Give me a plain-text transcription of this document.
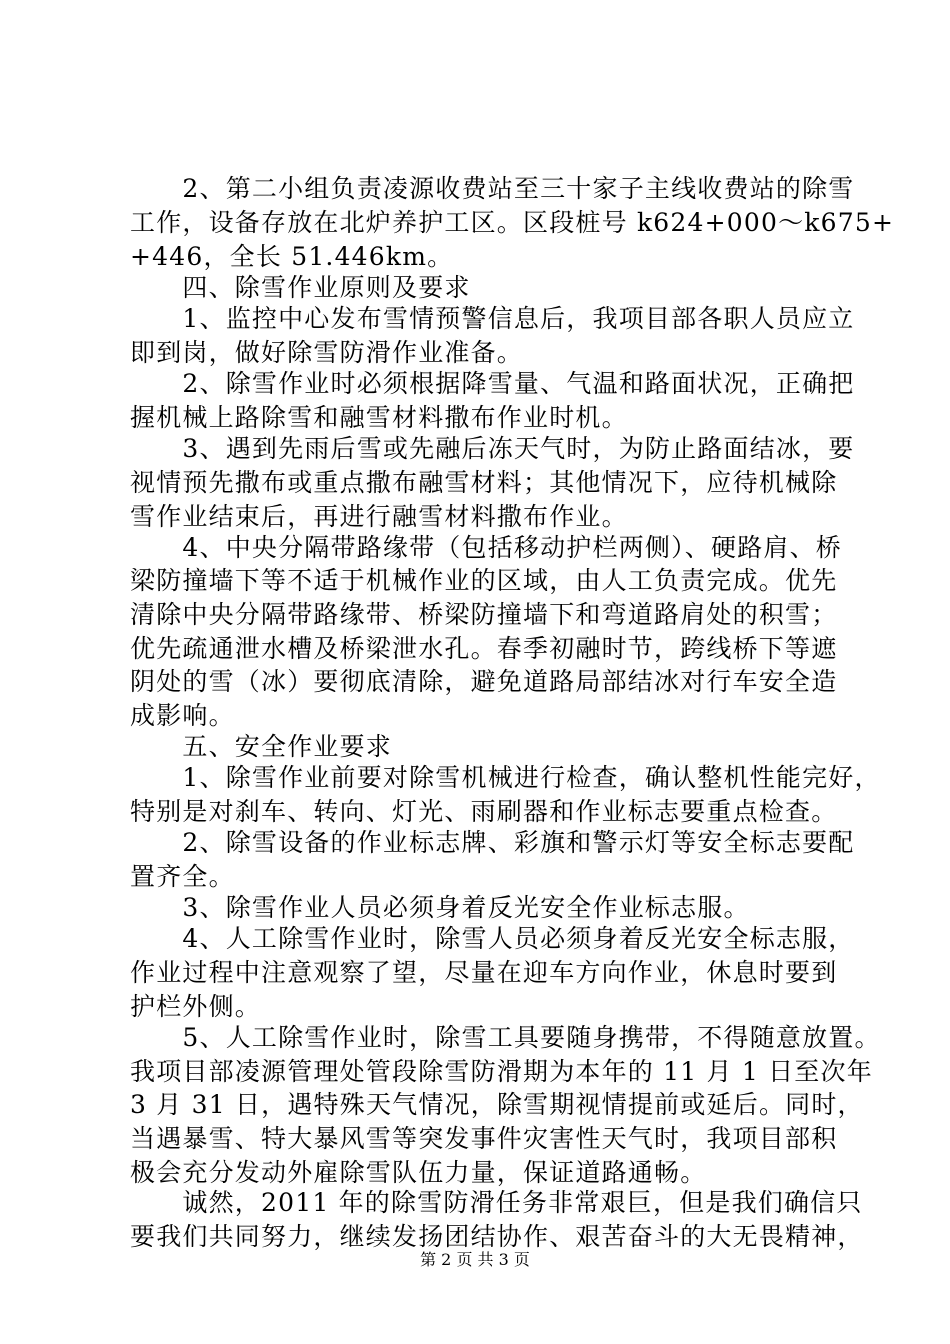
　　2、第二小组负责凌源收费站至三十家子主线收费站的除雪
工作，设备存放在北炉养护工区。区段桩号 k624+000～k675+
+446，全长 51.446km。
　　四、除雪作业原则及要求
　　1、监控中心发布雪情预警信息后，我项目部各职人员应立
即到岗，做好除雪防滑作业准备。
　　2、除雪作业时必须根据降雪量、气温和路面状况，正确把
握机械上路除雪和融雪材料撒布作业时机。
　　3、遇到先雨后雪或先融后冻天气时，为防止路面结冰，要
视情预先撒布或重点撒布融雪材料；其他情况下，应待机械除
雪作业结束后，再进行融雪材料撒布作业。
　　4、中央分隔带路缘带（包括移动护栏两侧）、硬路肩、桥
梁防撞墙下等不适于机械作业的区域，由人工负责完成。优先
清除中央分隔带路缘带、桥梁防撞墙下和弯道路肩处的积雪；
优先疏通泄水槽及桥梁泄水孔。春季初融时节，跨线桥下等遮
阴处的雪（冰）要彻底清除，避免道路局部结冰对行车安全造
成影响。
　　五、安全作业要求
　　1、除雪作业前要对除雪机械进行检查，确认整机性能完好，
特别是对刹车、转向、灯光、雨刷器和作业标志要重点检查。
　　2、除雪设备的作业标志牌、彩旗和警示灯等安全标志要配
置齐全。
　　3、除雪作业人员必须身着反光安全作业标志服。
　　4、人工除雪作业时，除雪人员必须身着反光安全标志服，
作业过程中注意观察了望，尽量在迎车方向作业，休息时要到
护栏外侧。
　　5、人工除雪作业时，除雪工具要随身携带，不得随意放置。
我项目部凌源管理处管段除雪防滑期为本年的 11 月 1 日至次年
3 月 31 日，遇特殊天气情况，除雪期视情提前或延后。同时，
当遇暴雪、特大暴风雪等突发事件灾害性天气时，我项目部积
极会充分发动外雇除雪队伍力量，保证道路通畅。
　　诚然，2011 年的除雪防滑任务非常艰巨，但是我们确信只
要我们共同努力，继续发扬团结协作、艰苦奋斗的大无畏精神，
第 2 页 共 3 页
